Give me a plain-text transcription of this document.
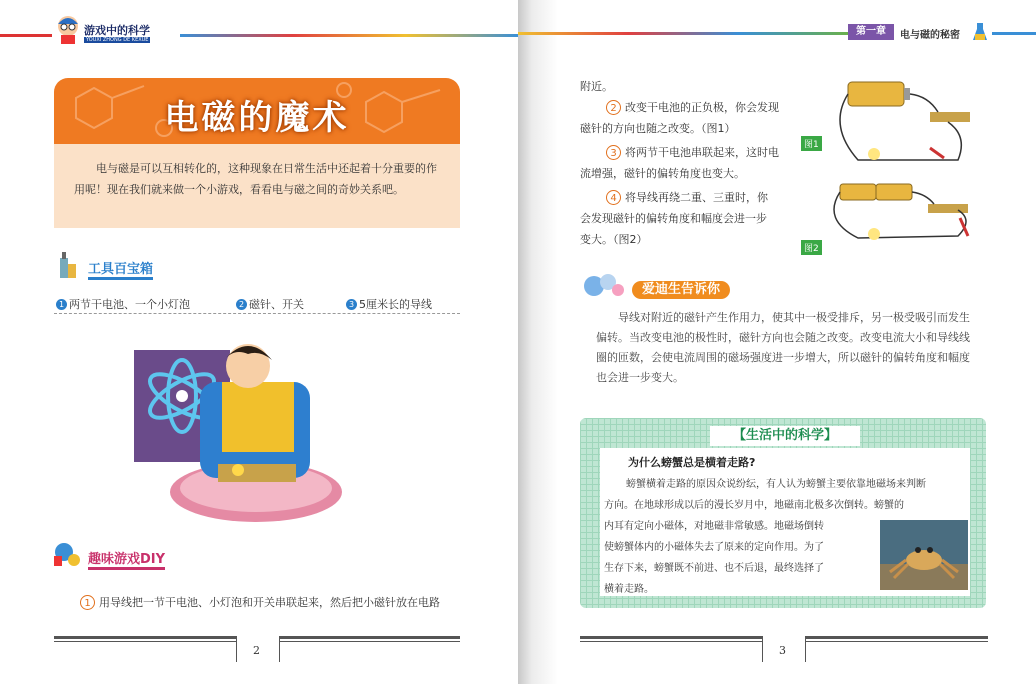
游戏中的科学
YOUXI ZHONG DE KEXUE
电磁的魔术
电与磁是可以互相转化的，这种现象在日常生活中还起着十分重要的作用呢！现在我们就来做一个小游戏，看看电与磁之间的奇妙关系吧。
工具百宝箱
1 两节干电池、一个小灯泡	2 磁针、开关	3 5厘米长的导线
趣味游戏DIY
1 用导线把一节干电池、小灯泡和开关串联起来，然后把小磁针放在电路
2
第一章	电与磁的秘密
附近。
2 改变干电池的正负极，你会发现
磁针的方向也随之改变。（图1）
3 将两节干电池串联起来，这时电
流增强，磁针的偏转角度也变大。
4 将导线再绕二重、三重时，你
会发现磁针的偏转角度和幅度会进一步
变大。（图2）
图1
图2
爱迪生告诉你
导线对附近的磁针产生作用力，使其中一极受排斥，另一极受吸引而发生偏转。当改变电池的极性时，磁针方向也会随之改变。改变电流大小和导线线圈的匝数，会使电流周围的磁场强度进一步增大，所以磁针的偏转角度和幅度也会进一步变大。
【生活中的科学】
为什么螃蟹总是横着走路?
螃蟹横着走路的原因众说纷纭，有人认为螃蟹主要依靠地磁场来判断
方向。在地球形成以后的漫长岁月中，地磁南北极多次倒转。螃蟹的
内耳有定向小磁体，对地磁非常敏感。地磁场倒转
使螃蟹体内的小磁体失去了原来的定向作用。为了
生存下来，螃蟹既不前进、也不后退，最终选择了
横着走路。
3
